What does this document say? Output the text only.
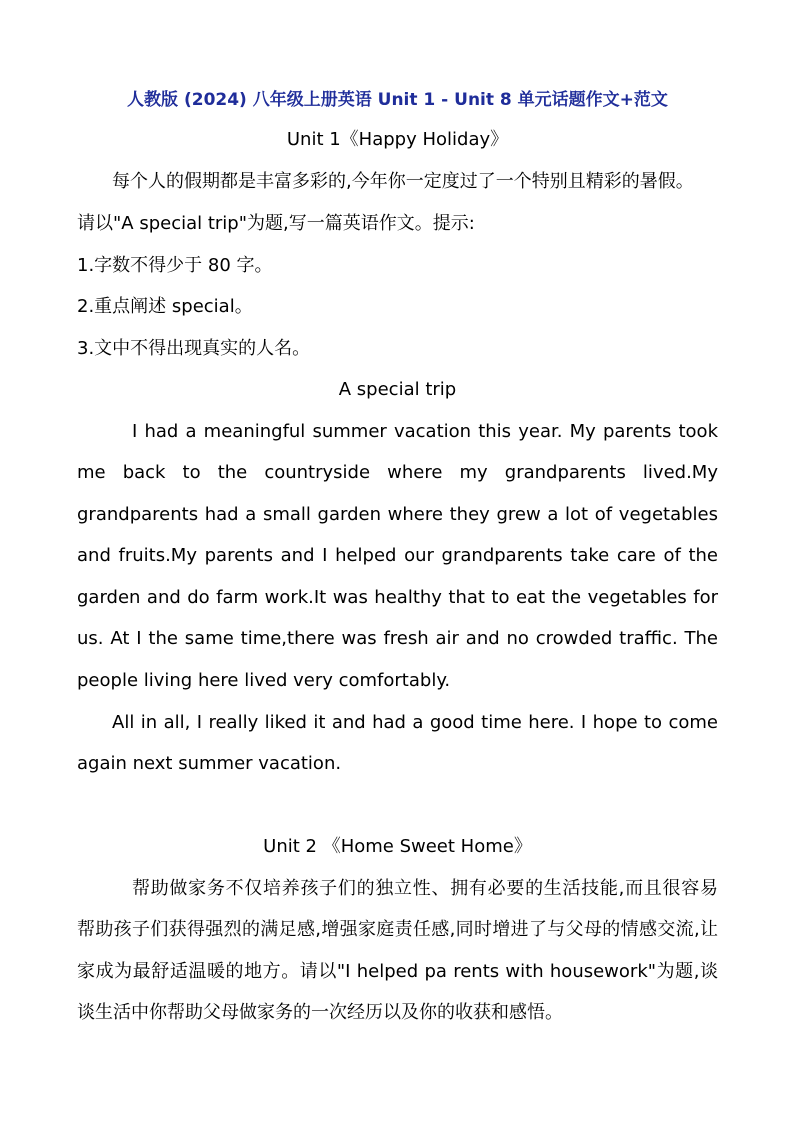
人教版 (2024) 八年级上册英语 Unit 1 - Unit 8 单元话题作文+范文
Unit 1《Happy Holiday》
每个人的假期都是丰富多彩的,今年你一定度过了一个特别且精彩的暑假。
请以"A special trip"为题,写一篇英语作文。提示:
1.字数不得少于 80 字。
2.重点阐述 special。
3.文中不得出现真实的人名。
A special trip
I had a meaningful summer vacation this year. My parents took
me back to the countryside where my grandparents lived.My
grandparents had a small garden where they grew a lot of vegetables
and fruits.My parents and I helped our grandparents take care of the
garden and do farm work.It was healthy that to eat the vegetables for
us. At I the same time,there was fresh air and no crowded traffic. The
people living here lived very comfortably.
All in all, I really liked it and had a good time here. I hope to come
again next summer vacation.
Unit 2 《Home Sweet Home》
帮助做家务不仅培养孩子们的独立性、拥有必要的生活技能,而且很容易
帮助孩子们获得强烈的满足感,增强家庭责任感,同时增进了与父母的情感交流,让
家成为最舒适温暖的地方。请以"I helped pa rents with housework"为题,谈
谈生活中你帮助父母做家务的一次经历以及你的收获和感悟。
